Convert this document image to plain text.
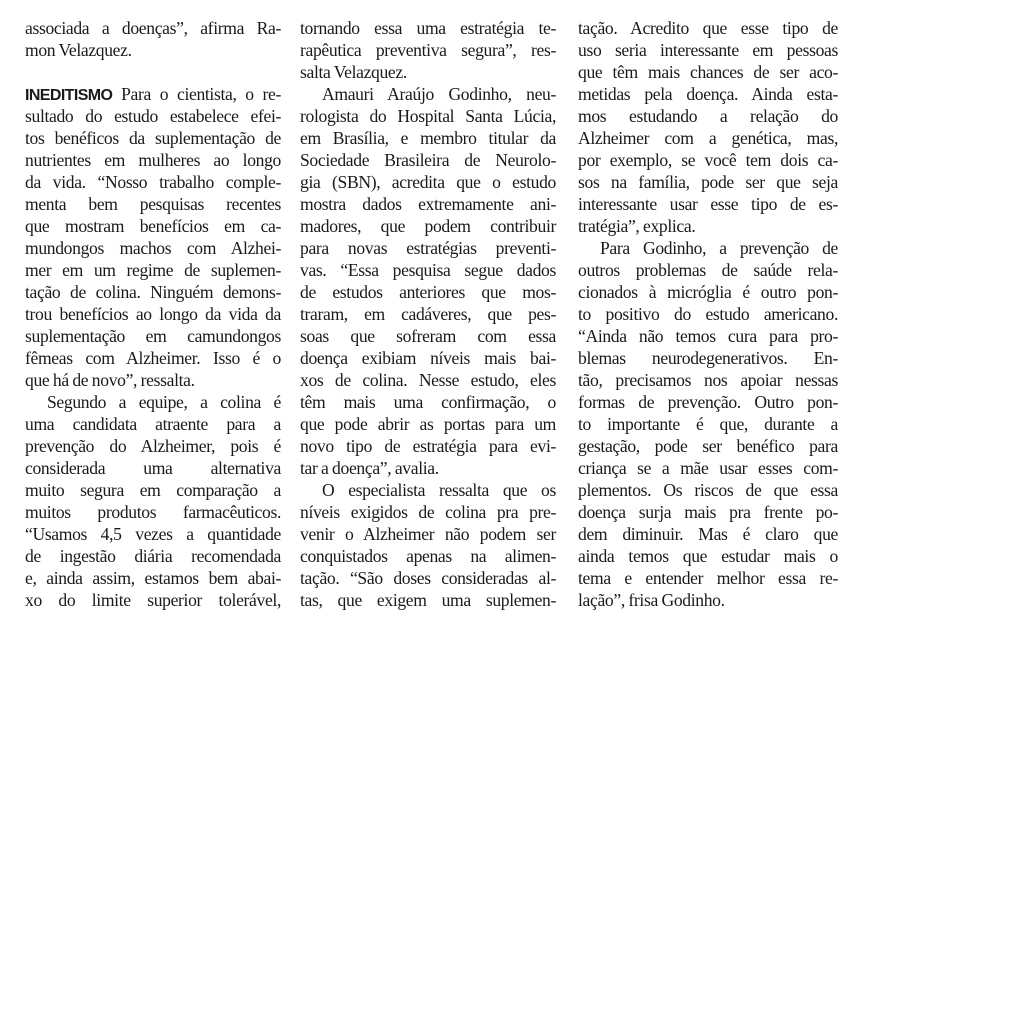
associada a doenças”, afirma Ra-
mon Velazquez.
INEDITISMO Para o cientista, o re-
sultado do estudo estabelece efei-
tos benéficos da suplementação de
nutrientes em mulheres ao longo
da vida. “Nosso trabalho comple-
menta bem pesquisas recentes
que mostram benefícios em ca-
mundongos machos com Alzhei-
mer em um regime de suplemen-
tação de colina. Ninguém demons-
trou benefícios ao longo da vida da
suplementação em camundongos
fêmeas com Alzheimer. Isso é o
que há de novo”, ressalta.
Segundo a equipe, a colina é
uma candidata atraente para a
prevenção do Alzheimer, pois é
considerada uma alternativa
muito segura em comparação a
muitos produtos farmacêuticos.
“Usamos 4,5 vezes a quantidade
de ingestão diária recomendada
e, ainda assim, estamos bem abai-
xo do limite superior tolerável,
tornando essa uma estratégia te-
rapêutica preventiva segura”, res-
salta Velazquez.
Amauri Araújo Godinho, neu-
rologista do Hospital Santa Lúcia,
em Brasília, e membro titular da
Sociedade Brasileira de Neurolo-
gia (SBN), acredita que o estudo
mostra dados extremamente ani-
madores, que podem contribuir
para novas estratégias preventi-
vas. “Essa pesquisa segue dados
de estudos anteriores que mos-
traram, em cadáveres, que pes-
soas que sofreram com essa
doença exibiam níveis mais bai-
xos de colina. Nesse estudo, eles
têm mais uma confirmação, o
que pode abrir as portas para um
novo tipo de estratégia para evi-
tar a doença”, avalia.
O especialista ressalta que os
níveis exigidos de colina pra pre-
venir o Alzheimer não podem ser
conquistados apenas na alimen-
tação. “São doses consideradas al-
tas, que exigem uma suplemen-
tação. Acredito que esse tipo de
uso seria interessante em pessoas
que têm mais chances de ser aco-
metidas pela doença. Ainda esta-
mos estudando a relação do
Alzheimer com a genética, mas,
por exemplo, se você tem dois ca-
sos na família, pode ser que seja
interessante usar esse tipo de es-
tratégia”, explica.
Para Godinho, a prevenção de
outros problemas de saúde rela-
cionados à micróglia é outro pon-
to positivo do estudo americano.
“Ainda não temos cura para pro-
blemas neurodegenerativos. En-
tão, precisamos nos apoiar nessas
formas de prevenção. Outro pon-
to importante é que, durante a
gestação, pode ser benéfico para
criança se a mãe usar esses com-
plementos. Os riscos de que essa
doença surja mais pra frente po-
dem diminuir. Mas é claro que
ainda temos que estudar mais o
tema e entender melhor essa re-
lação”, frisa Godinho.
